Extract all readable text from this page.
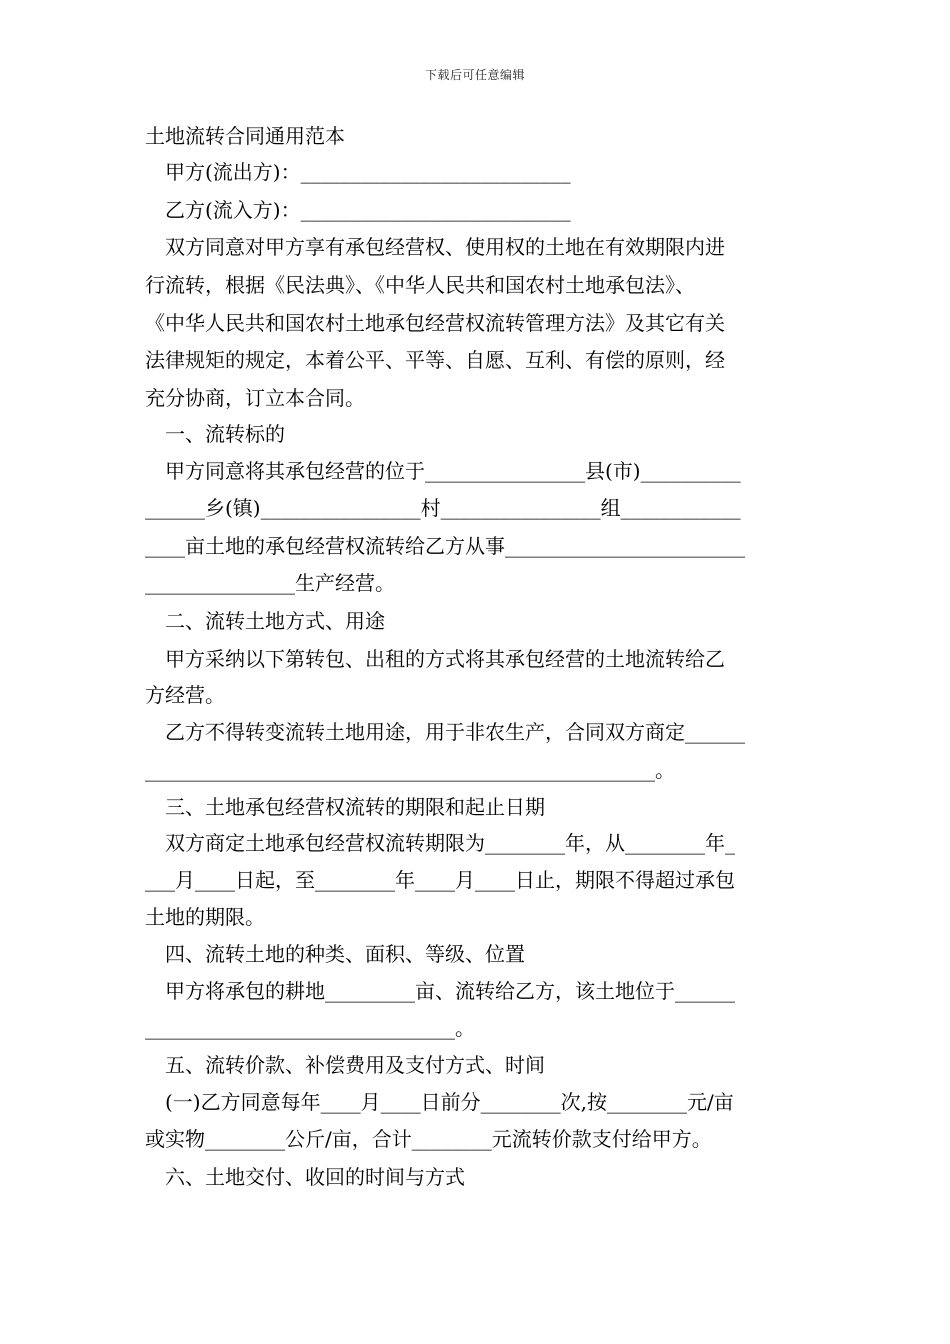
下载后可任意编辑
土地流转合同通用范本
甲方(流出方)：___________________________
乙方(流入方)：___________________________
双方同意对甲方享有承包经营权、使用权的土地在有效期限内进
行流转，根据《民法典》、《中华人民共和国农村土地承包法》、
《中华人民共和国农村土地承包经营权流转管理方法》及其它有关
法律规矩的规定，本着公平、平等、自愿、互利、有偿的原则，经
充分协商，订立本合同。
一、流转标的
甲方同意将其承包经营的位于________________县(市)__________
______乡(镇)________________村________________组____________
____亩土地的承包经营权流转给乙方从事________________________
_______________生产经营。
二、流转土地方式、用途
甲方采纳以下第转包、出租的方式将其承包经营的土地流转给乙
方经营。
乙方不得转变流转土地用途，用于非农生产，合同双方商定______
___________________________________________________。
三、土地承包经营权流转的期限和起止日期
双方商定土地承包经营权流转期限为________年，从________年_
___月____日起，至________年____月____日止，期限不得超过承包
土地的期限。
四、流转土地的种类、面积、等级、位置
甲方将承包的耕地_________亩、流转给乙方，该土地位于______
_______________________________。
五、流转价款、补偿费用及支付方式、时间
(一)乙方同意每年____月____日前分________次,按________元/亩
或实物________公斤/亩，合计________元流转价款支付给甲方。
六、土地交付、收回的时间与方式
